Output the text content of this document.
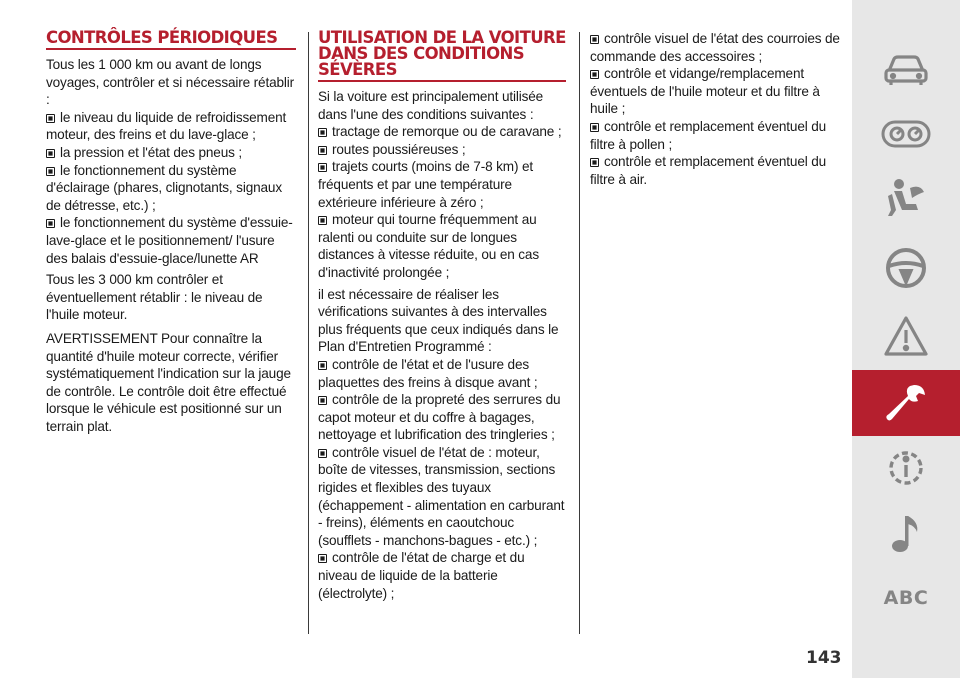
CONTRÔLES PÉRIODIQUES

Tous les 1 000 km ou avant de longs voyages, contrôler et si nécessaire rétablir :

le niveau du liquide de refroidissement moteur, des freins et du lave-glace ;

la pression et l'état des pneus ;

le fonctionnement du système d'éclairage (phares, clignotants, signaux de détresse, etc.) ;

le fonctionnement du système d'essuie-lave-glace et le positionnement/ l'usure des balais d'essuie-glace/lunette AR

Tous les 3 000 km contrôler et éventuellement rétablir : le niveau de l'huile moteur.

AVERTISSEMENT Pour connaître la quantité d'huile moteur correcte, vérifier systématiquement l'indication sur la jauge de contrôle. Le contrôle doit être effectué lorsque le véhicule est positionné sur un terrain plat.

UTILISATION DE LA VOITURE DANS DES CONDITIONS SÉVÈRES

Si la voiture est principalement utilisée dans l'une des conditions suivantes :

tractage de remorque ou de caravane ;

routes poussiéreuses ;

trajets courts (moins de 7-8 km) et fréquents et par une température extérieure inférieure à zéro ;

moteur qui tourne fréquemment au ralenti ou conduite sur de longues distances à vitesse réduite, ou en cas d'inactivité prolongée ;

il est nécessaire de réaliser les vérifications suivantes à des intervalles plus fréquents que ceux indiqués dans le Plan d'Entretien Programmé :

contrôle de l'état et de l'usure des plaquettes des freins à disque avant ;

contrôle de la propreté des serrures du capot moteur et du coffre à bagages, nettoyage et lubrification des tringleries ;

contrôle visuel de l'état de : moteur, boîte de vitesses, transmission, sections rigides et flexibles des tuyaux (échappement - alimentation en carburant - freins), éléments en caoutchouc (soufflets - manchons-bagues - etc.) ;

contrôle de l'état de charge et du niveau de liquide de la batterie (électrolyte) ;

contrôle visuel de l'état des courroies de commande des accessoires ;

contrôle et vidange/remplacement éventuels de l'huile moteur et du filtre à huile ;

contrôle et remplacement éventuel du filtre à pollen ;

contrôle et remplacement éventuel du filtre à air.

143
ABC
